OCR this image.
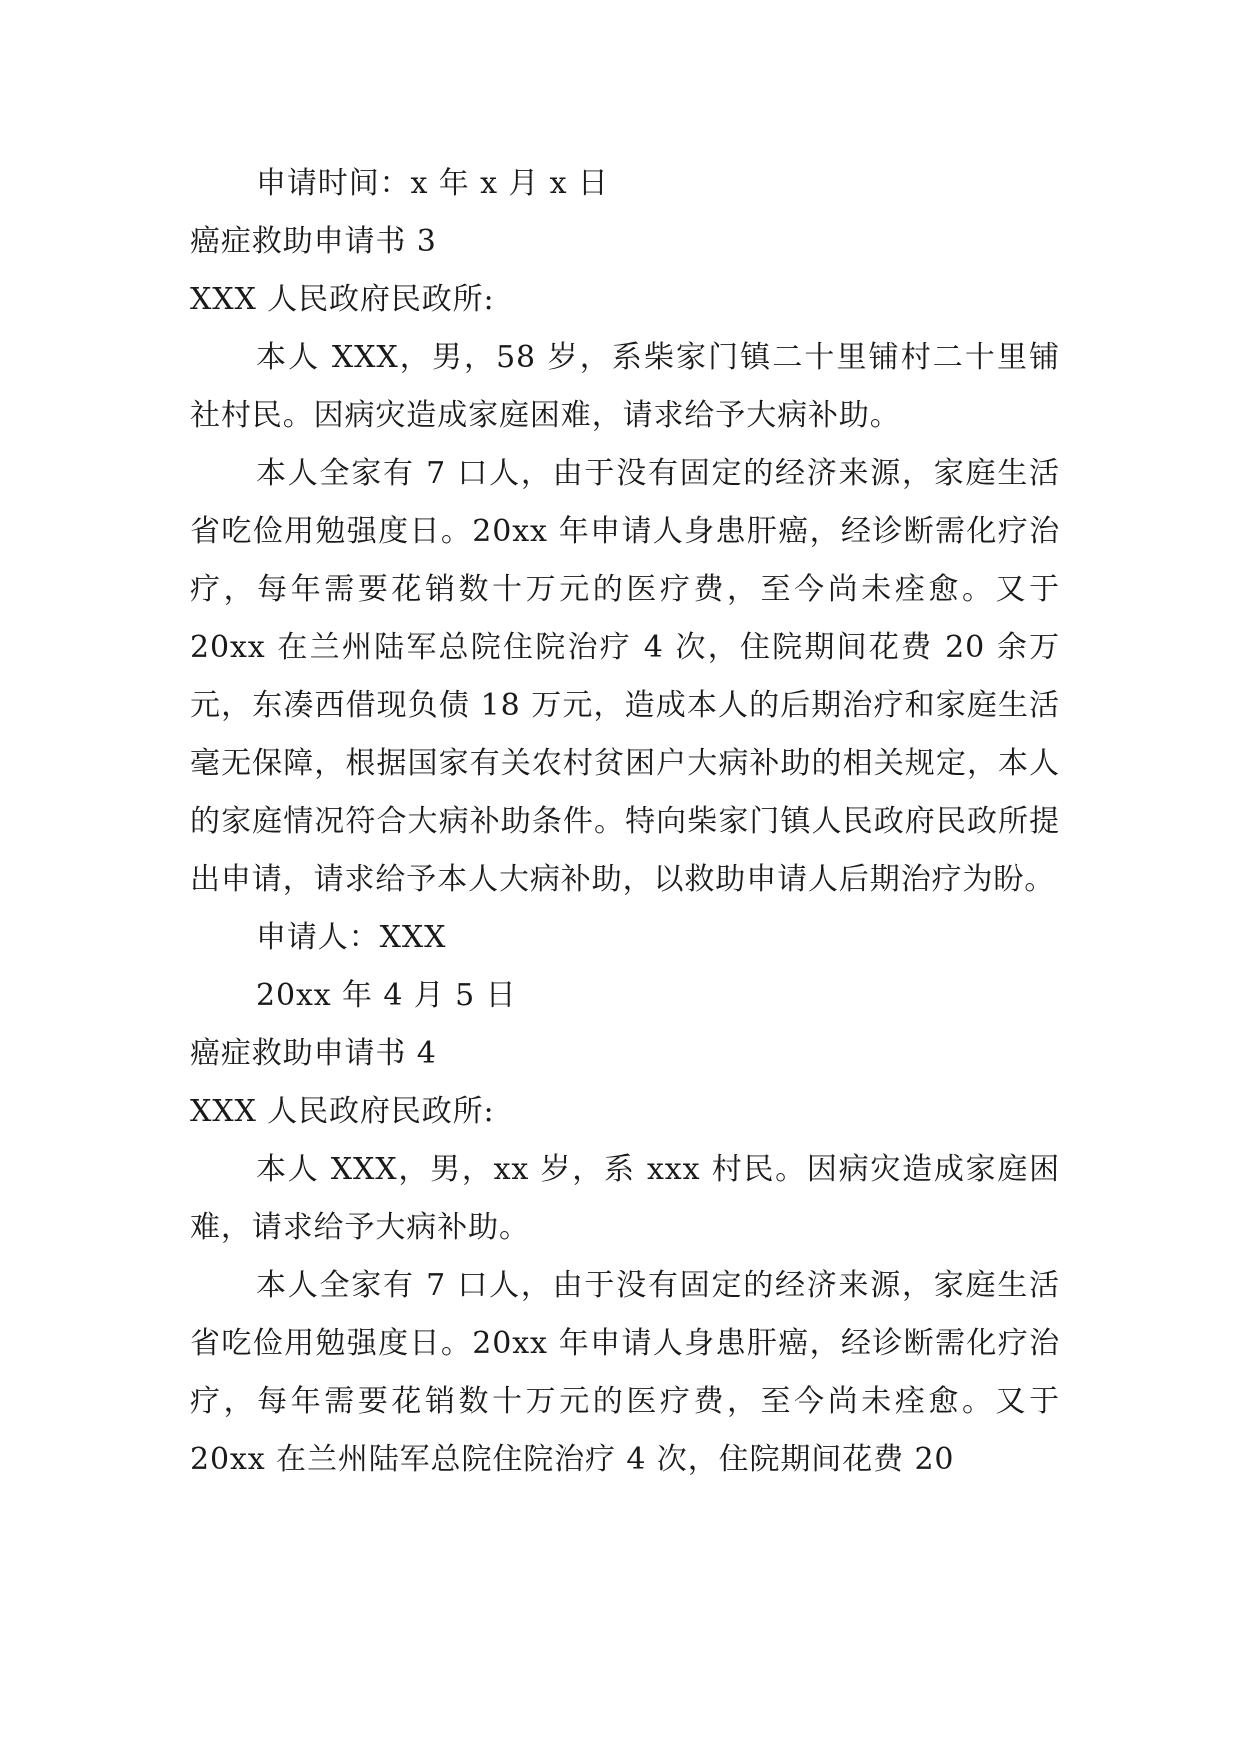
申请时间：x 年 x 月 x 日

癌症救助申请书 3

XXX 人民政府民政所:

本人 XXX，男，58 岁，系柴家门镇二十里铺村二十里铺社村民。因病灾造成家庭困难，请求给予大病补助。

本人全家有 7 口人，由于没有固定的经济来源，家庭生活省吃俭用勉强度日。20xx 年申请人身患肝癌，经诊断需化疗治疗，每年需要花销数十万元的医疗费，至今尚未痊愈。又于 20xx 在兰州陆军总院住院治疗 4 次，住院期间花费 20 余万元，东凑西借现负债 18 万元，造成本人的后期治疗和家庭生活毫无保障，根据国家有关农村贫困户大病补助的相关规定，本人的家庭情况符合大病补助条件。特向柴家门镇人民政府民政所提出申请，请求给予本人大病补助，以救助申请人后期治疗为盼。

申请人：XXX

20xx 年 4 月 5 日

癌症救助申请书 4

XXX 人民政府民政所:

本人 XXX，男，xx 岁，系 xxx 村民。因病灾造成家庭困难，请求给予大病补助。

本人全家有 7 口人，由于没有固定的经济来源，家庭生活省吃俭用勉强度日。20xx 年申请人身患肝癌，经诊断需化疗治疗，每年需要花销数十万元的医疗费，至今尚未痊愈。又于 20xx 在兰州陆军总院住院治疗 4 次，住院期间花费 20
